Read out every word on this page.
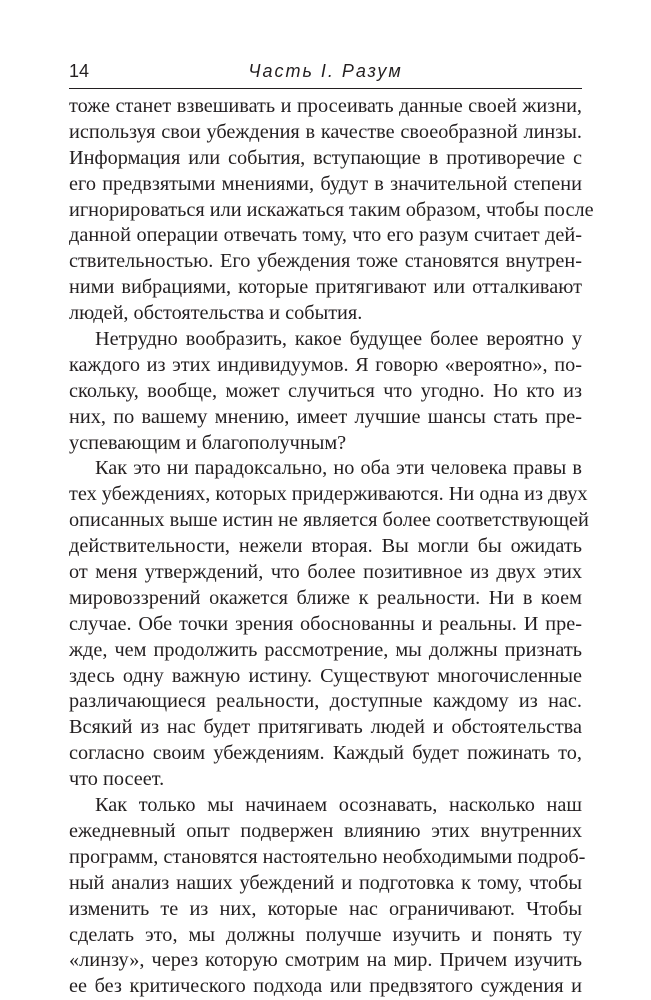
14	Часть I. Разум
тоже станет взвешивать и просеивать данные своей жизни,
используя свои убеждения в качестве своеобразной линзы.
Информация или события, вступающие в противоречие с
его предвзятыми мнениями, будут в значительной степени
игнорироваться или искажаться таким образом, чтобы после
данной операции отвечать тому, что его разум считает дей-
ствительностью. Его убеждения тоже становятся внутрен-
ними вибрациями, которые притягивают или отталкивают
людей, обстоятельства и события.
Нетрудно вообразить, какое будущее более вероятно у
каждого из этих индивидуумов. Я говорю «вероятно», по-
скольку, вообще, может случиться что угодно. Но кто из
них, по вашему мнению, имеет лучшие шансы стать пре-
успевающим и благополучным?
Как это ни парадоксально, но оба эти человека правы в
тех убеждениях, которых придерживаются. Ни одна из двух
описанных выше истин не является более соответствующей
действительности, нежели вторая. Вы могли бы ожидать
от меня утверждений, что более позитивное из двух этих
мировоззрений окажется ближе к реальности. Ни в коем
случае. Обе точки зрения обоснованны и реальны. И пре-
жде, чем продолжить рассмотрение, мы должны признать
здесь одну важную истину. Существуют многочисленные
различающиеся реальности, доступные каждому из нас.
Всякий из нас будет притягивать людей и обстоятельства
согласно своим убеждениям. Каждый будет пожинать то,
что посеет.
Как только мы начинаем осознавать, насколько наш
ежедневный опыт подвержен влиянию этих внутренних
программ, становятся настоятельно необходимыми подроб-
ный анализ наших убеждений и подготовка к тому, чтобы
изменить те из них, которые нас ограничивают. Чтобы
сделать это, мы должны получше изучить и понять ту
«линзу», через которую смотрим на мир. Причем изучить
ее без критического подхода или предвзятого суждения и
